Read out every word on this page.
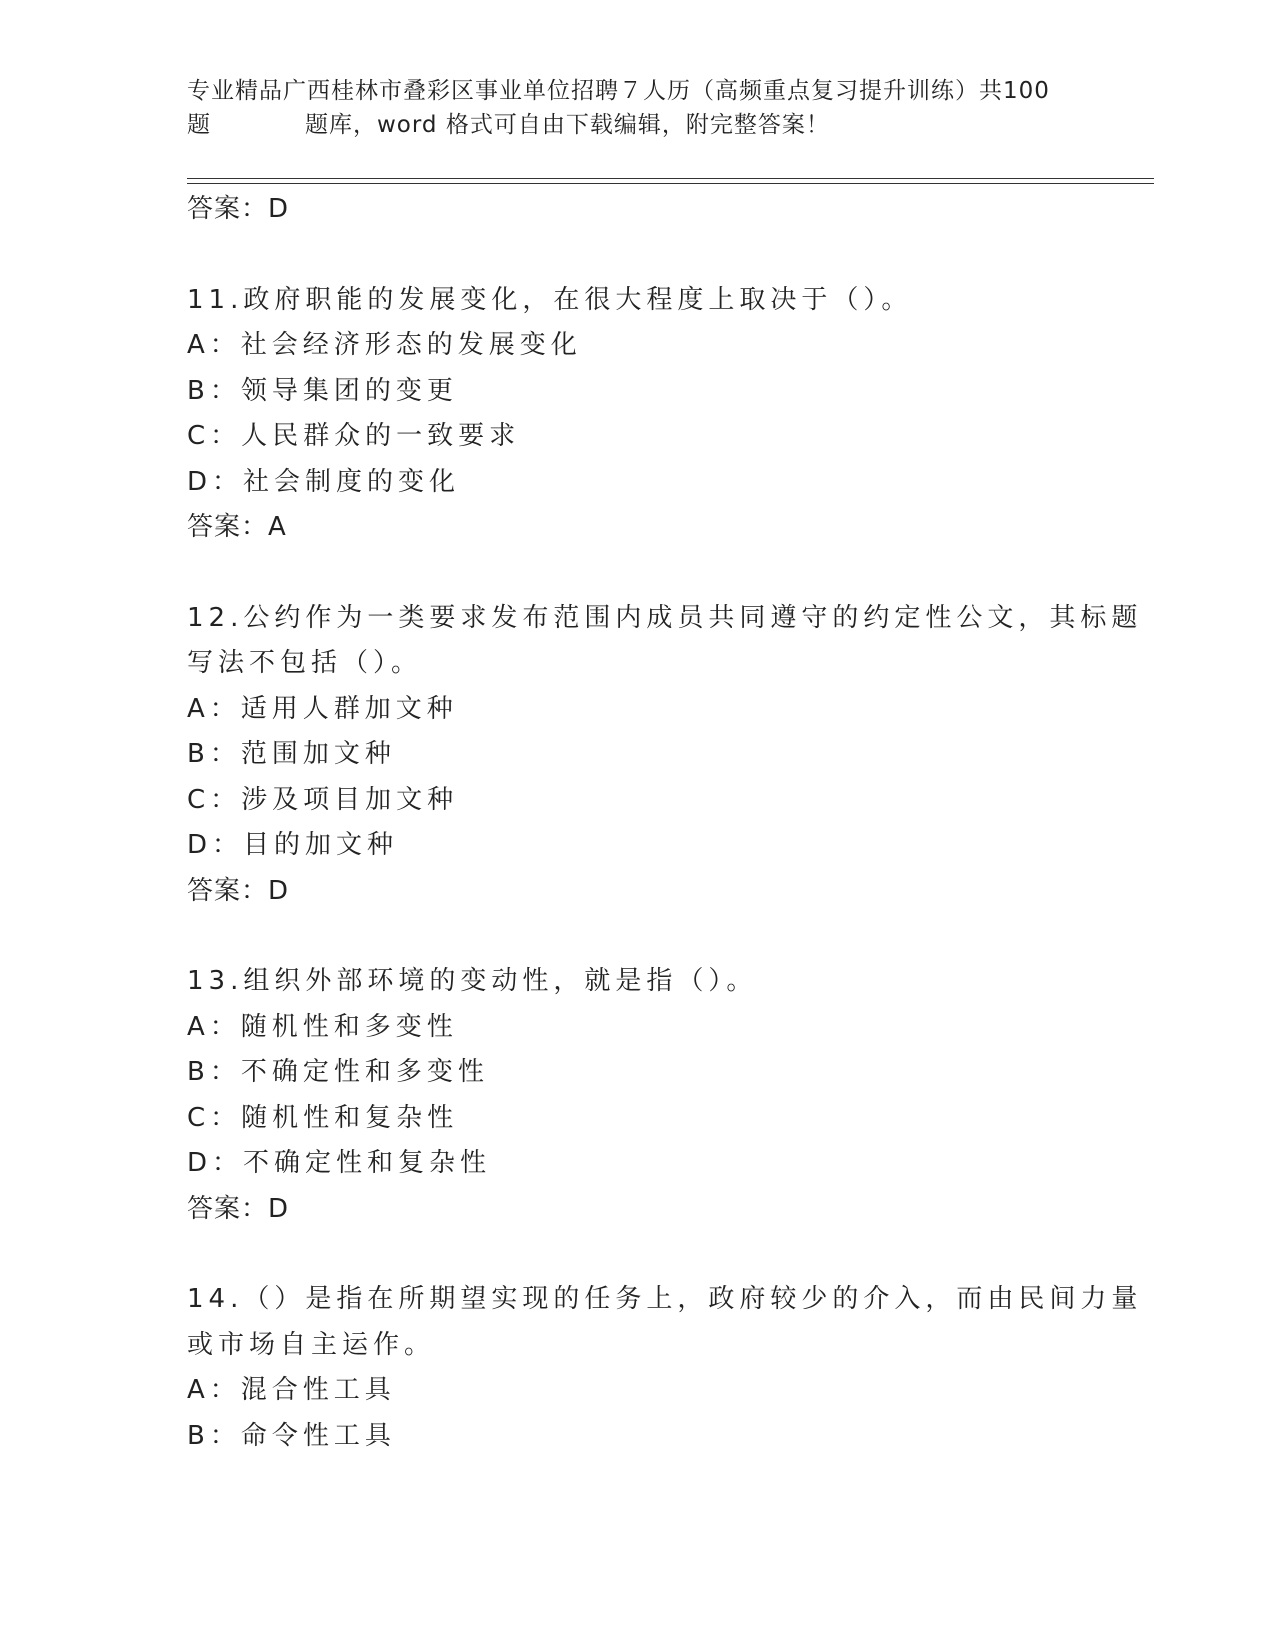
专业精品广西桂林市叠彩区事业单位招聘７人历（高频重点复习提升训练）共100
题	题库，word 格式可自由下载编辑，附完整答案！
答案：D
11.政府职能的发展变化，在很大程度上取决于（）。
A：社会经济形态的发展变化
B：领导集团的变更
C：人民群众的一致要求
D：社会制度的变化
答案：A
12.公约作为一类要求发布范围内成员共同遵守的约定性公文，其标题
写法不包括（）。
A：适用人群加文种
B：范围加文种
C：涉及项目加文种
D：目的加文种
答案：D
13.组织外部环境的变动性，就是指（）。
A：随机性和多变性
B：不确定性和多变性
C：随机性和复杂性
D：不确定性和复杂性
答案：D
14.（）是指在所期望实现的任务上，政府较少的介入，而由民间力量
或市场自主运作。
A：混合性工具
B：命令性工具
